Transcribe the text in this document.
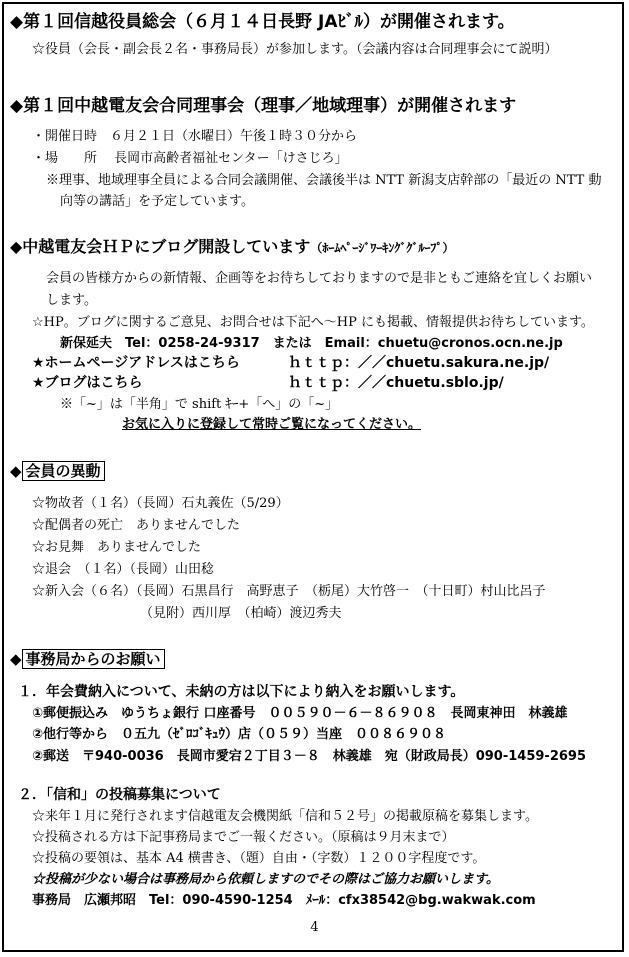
◆第１回信越役員総会（６月１４日長野 JAﾋﾞﾙ）が開催されます。
☆役員（会長・副会長２名・事務局長）が参加します。（会議内容は合同理事会にて説明）
◆第１回中越電友会合同理事会（理事／地域理事）が開催されます
・開催日時　６月２１日（水曜日）午後１時３０分から
・場　　所　 長岡市高齢者福祉センター「けさじろ」
※理事、地域理事全員による合同会議開催、会議後半は NTT 新潟支店幹部の「最近の NTT 動
向等の講話」を予定しています。
◆中越電友会ＨＰにブログ開設しています（ﾎｰﾑﾍﾟｰｼﾞﾜｰｷﾝｸﾞｸﾞﾙｰﾌﾟ）
会員の皆様方からの新情報、企画等をお待ちしておりますので是非ともご連絡を宜しくお願い
します。
☆HP。ブログに関するご意見、お問合せは下記へ～HP にも掲載、情報提供お待ちしています。
新保延夫　Tel：0258-24-9317　または　Email：chuetu@cronos.ocn.ne.jp
★ホームページアドレスはこちら	ｈｔｔｐ：／／chuetu.sakura.ne.jp/
★ブログはこちら	ｈｔｔｐ：／／chuetu.sblo.jp/
※「~」は「半角」で shift ｷｰ+「へ」の「~」
お気に入りに登録して常時ご覧になってください。
◆ 会員の異動
☆物故者（１名）（長岡）石丸義佐（5/29）
☆配偶者の死亡　ありませんでした
☆お見舞　ありませんでした
☆退会　（１名）（長岡）山田稔
☆新入会（６名）（長岡）石黒昌行　高野恵子　（栃尾）大竹啓一　（十日町）村山比呂子
（見附）西川厚　（柏崎）渡辺秀夫
◆ 事務局からのお願い
１．年会費納入について、未納の方は以下により納入をお願いします。
①郵便振込み　ゆうちょ銀行 口座番号　００５９０－６－８６９０８　長岡東神田　林義雄
②他行等から　０五九（ｾﾞﾛｺﾞｷｭｳ）店（０５９）当座　００８６９０８
②郵送　〒940-0036　長岡市愛宕２丁目３－８　林義雄　宛（財政局長）090-1459-2695
２．「信和」の投稿募集について
☆来年１月に発行されます信越電友会機関紙「信和５２号」の掲載原稿を募集します。
☆投稿される方は下記事務局までご一報ください。（原稿は９月末まで）
☆投稿の要領は、基本 A4 横書き、（題）自由・（字数）１２００字程度です。
☆投稿が少ない場合は事務局から依頼しますのでその際はご協力お願いします。
事務局　広瀬邦昭　Tel：090-4590-1254　ﾒｰﾙ：cfx38542@bg.wakwak.com
4
